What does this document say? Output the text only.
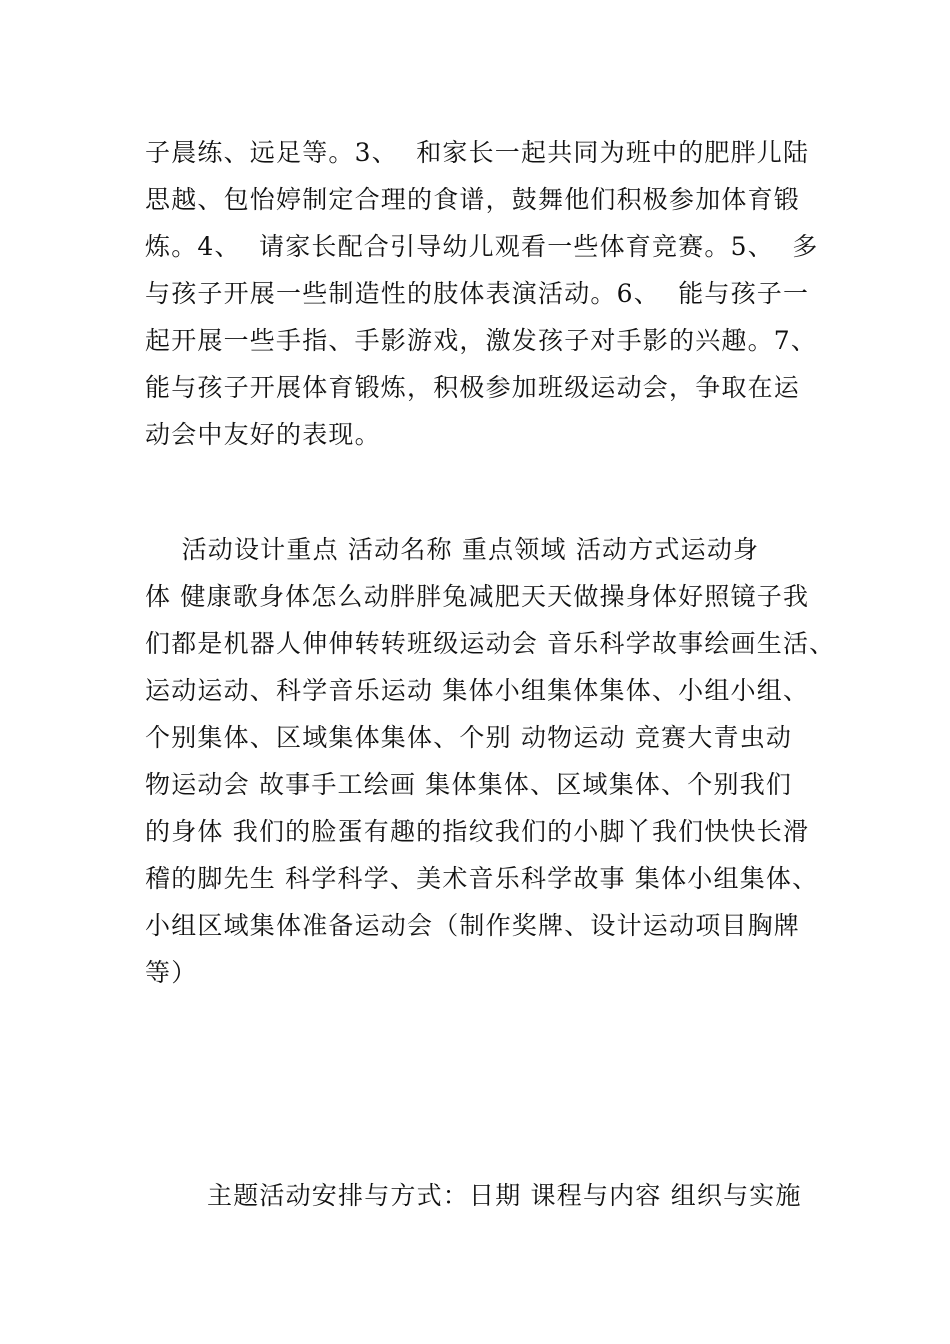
子晨练、远足等。3、  和家长一起共同为班中的肥胖儿陆
思越、包怡婷制定合理的食谱，鼓舞他们积极参加体育锻
炼。4、  请家长配合引导幼儿观看一些体育竞赛。5、  多
与孩子开展一些制造性的肢体表演活动。6、  能与孩子一
起开展一些手指、手影游戏，激发孩子对手影的兴趣。7、
能与孩子开展体育锻炼，积极参加班级运动会，争取在运
动会中友好的表现。
活动设计重点 活动名称 重点领域 活动方式运动身
体 健康歌身体怎么动胖胖兔减肥天天做操身体好照镜子我
们都是机器人伸伸转转班级运动会 音乐科学故事绘画生活、
运动运动、科学音乐运动 集体小组集体集体、小组小组、
个别集体、区域集体集体、个别 动物运动 竞赛大青虫动
物运动会 故事手工绘画 集体集体、区域集体、个别我们
的身体 我们的脸蛋有趣的指纹我们的小脚丫我们快快长滑
稽的脚先生 科学科学、美术音乐科学故事 集体小组集体、
小组区域集体准备运动会（制作奖牌、设计运动项目胸牌
等）
主题活动安排与方式：日期 课程与内容 组织与实施
